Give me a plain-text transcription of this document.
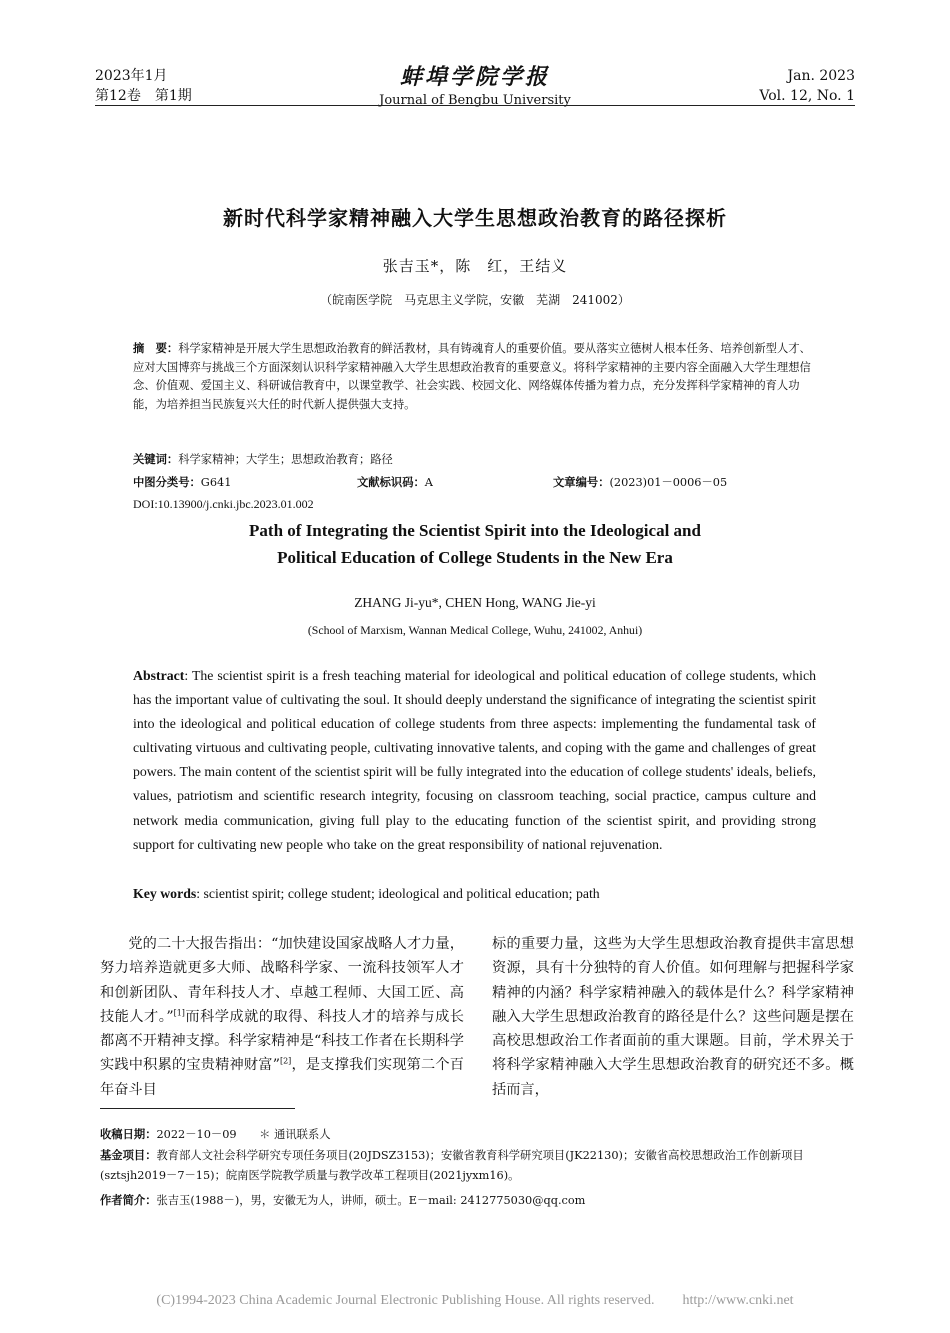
2023年1月
第12卷　第1期
蚌埠学院学报
Journal of Bengbu University
Jan. 2023
Vol. 12, No. 1
新时代科学家精神融入大学生思想政治教育的路径探析
张吉玉*，陈　红，王结义
（皖南医学院　马克思主义学院，安徽　芜湖　241002）
摘　要：科学家精神是开展大学生思想政治教育的鲜活教材，具有铸魂育人的重要价值。要从落实立德树人根本任务、培养创新型人才、应对大国博弈与挑战三个方面深刻认识科学家精神融入大学生思想政治教育的重要意义。将科学家精神的主要内容全面融入大学生理想信念、价值观、爱国主义、科研诚信教育中，以课堂教学、社会实践、校园文化、网络媒体传播为着力点，充分发挥科学家精神的育人功能，为培养担当民族复兴大任的时代新人提供强大支持。
关键词：科学家精神；大学生；思想政治教育；路径
中图分类号：G641	文献标识码：A	文章编号：(2023)01－0006－05
DOI:10.13900/j.cnki.jbc.2023.01.002
Path of Integrating the Scientist Spirit into the Ideological and
Political Education of College Students in the New Era
ZHANG Ji-yu*, CHEN Hong, WANG Jie-yi
(School of Marxism, Wannan Medical College, Wuhu, 241002, Anhui)
Abstract: The scientist spirit is a fresh teaching material for ideological and political education of college students, which has the important value of cultivating the soul. It should deeply understand the significance of integrating the scientist spirit into the ideological and political education of college students from three aspects: implementing the fundamental task of cultivating virtuous and cultivating people, cultivating innovative talents, and coping with the game and challenges of great powers. The main content of the scientist spirit will be fully integrated into the education of college students' ideals, beliefs, values, patriotism and scientific research integrity, focusing on classroom teaching, social practice, campus culture and network media communication, giving full play to the educating function of the scientist spirit, and providing strong support for cultivating new people who take on the great responsibility of national rejuvenation.
Key words: scientist spirit; college student; ideological and political education; path
党的二十大报告指出：“加快建设国家战略人才力量，努力培养造就更多大师、战略科学家、一流科技领军人才和创新团队、青年科技人才、卓越工程师、大国工匠、高技能人才。”[1]而科学成就的取得、科技人才的培养与成长都离不开精神支撑。科学家精神是“科技工作者在长期科学实践中积累的宝贵精神财富”[2]，是支撑我们实现第二个百年奋斗目
标的重要力量，这些为大学生思想政治教育提供丰富思想资源，具有十分独特的育人价值。如何理解与把握科学家精神的内涵？科学家精神融入的载体是什么？科学家精神融入大学生思想政治教育的路径是什么？这些问题是摆在高校思想政治工作者面前的重大课题。目前，学术界关于将科学家精神融入大学生思想政治教育的研究还不多。概括而言，
收稿日期：2022－10－09　　＊ 通讯联系人
基金项目：教育部人文社会科学研究专项任务项目(20JDSZ3153)；安徽省教育科学研究项目(JK22130)；安徽省高校思想政治工作创新项目(sztsjh2019－7－15)；皖南医学院教学质量与教学改革工程项目(2021jyxm16)。
作者简介：张吉玉(1988－)，男，安徽无为人，讲师，硕士。E－mail: 2412775030@qq.com
(C)1994-2023 China Academic Journal Electronic Publishing House. All rights reserved.　　http://www.cnki.net
